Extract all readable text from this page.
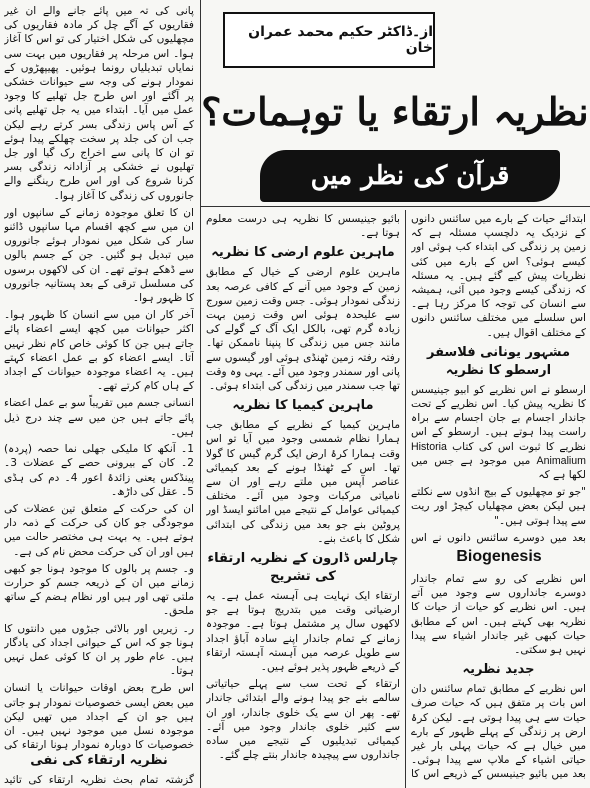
از۔ڈاکٹر حکیم محمد عمران خان
نظریہ ارتقاء یا توہمات؟
قرآن کی نظر میں

پانی کی تہ میں پائے جانے والے ان غیر فقاریوں کے آگے چل کر مادہ فقاریوں کی مچھلیوں کی شکل اختیار کی تو اس کا آغاز ہوا۔ اس مرحلہ پر فقاریوں میں بہت سی نمایاں تبدیلیاں رونما ہوئیں۔ پھیپھڑوں کے نمودار ہونے کی وجہ سے حیوانات خشکی پر آگئے اور اس طرح جل تھلیے کا وجود عمل میں آیا۔ ابتداء میں یہ جل تھلیے پانی کے آس پاس زندگی بسر کرتے رہے لیکن جب ان کی جلد پر سخت چھلکے پیدا ہوئے تو ان کا پانی سے اخراج رک گیا اور جل تھلیوں نے خشکی پر آزادانہ زندگی بسر کرنا شروع کی اور اس طرح رینگنے والے جانوروں کی زندگی کا آغاز ہوا۔

ان کا تعلق موجودہ زمانے کے سانپوں اور ان میں سے کچھ اقسام مہا سانپوں ڈائنو سار کی شکل میں نمودار ہوئے جانوروں میں تبدیل ہو گئیں۔ جن کے جسم بالوں سے ڈھکے ہوتے تھے۔ ان کی لاکھوں برسوں کی مسلسل ترقی کے بعد پستانیہ جانوروں کا ظہور ہوا۔

آخر کار ان میں سے انسان کا ظہور ہوا۔ اکثر حیوانات میں کچھ ایسے اعضاء پائے جاتے ہیں جن کا کوئی خاص کام نظر نہیں آتا۔ ایسے اعضاء کو بے عمل اعضاء کہتے ہیں۔ یہ اعضاء موجودہ حیوانات کے اجداد کے ہاں کام کرتے تھے۔

انسانی جسم میں تقریباً سو بے عمل اعضاء پائے جاتے ہیں جن میں سے چند درج ذیل ہیں۔

1۔ آنکھ کا ملیکی جھلی نما حصہ (پردہ) 2۔ کان کے بیرونی حصے کے عضلات 3۔ پینڈکس یعنی زائدۂ اعور 4۔ دم کی ہڈی 5۔ عقل کی داڑھ۔

ان کی حرکت کے متعلق تین عضلات کی موجودگی جو کان کی حرکت کے ذمہ دار ہوتے ہیں۔ یہ بہت ہی مختصر حالت میں ہیں اور ان کی حرکت محض نام کی ہے۔

و۔ جسم پر بالوں کا موجود ہونا جو کبھی زمانے میں ان کے ذریعہ جسم کو حرارت ملتی تھی اور ہیں اور نظام ہضم کے ساتھ ملحق۔

ر۔ زیریں اور بالائی جبڑوں میں دانتوں کا ہونا جو کہ اس کے حیوانی اجداد کی یادگار ہیں۔ عام طور پر ان کا کوئی عمل نہیں ہوتا۔

اس طرح بعض اوقات حیوانات یا انسان میں بعض ایسی خصوصیات نمودار ہو جاتی ہیں جو ان کے اجداد میں تھیں لیکن موجودہ نسل میں موجود نہیں ہیں۔ ان خصوصیات کا دوبارہ نمودار ہونا ارتقاء کی

نظریہ ارتقاء کی نفی

گزشتہ تمام بحث نظریہ ارتقاء کی تائید

بائیو جینیسس کا نظریہ ہی درست معلوم ہوتا ہے۔

ماہرین علوم ارضی کا نظریہ

ماہرین علوم ارضی کے خیال کے مطابق زمین کے وجود میں آنے کے کافی عرصہ بعد زندگی نمودار ہوئی۔ جس وقت زمین سورج سے علیحدہ ہوئی اس وقت زمین بہت زیادہ گرم تھی، بالکل ایک آگ کے گولے کی مانند جس میں زندگی کا پنپنا ناممکن تھا۔ رفتہ رفتہ زمین ٹھنڈی ہوئی اور گیسوں سے پانی اور سمندر وجود میں آئے۔ یہی وہ وقت تھا جب سمندر میں زندگی کی ابتداء ہوئی۔

ماہرین کیمیا کا نظریہ

ماہرین کیمیا کے نظریے کے مطابق جب ہمارا نظام شمسی وجود میں آیا تو اس وقت ہمارا کرۂ ارض ایک گرم گیس کا گولا تھا۔ اس کے ٹھنڈا ہونے کے بعد کیمیائی عناصر آپس میں ملتے رہے اور ان سے نامیاتی مرکبات وجود میں آئے۔ مختلف کیمیائی عوامل کے نتیجے میں امائنو ایسڈ اور پروٹین بنے جو بعد میں زندگی کی ابتدائی شکل کا باعث بنے۔

چارلس ڈارون کے نظریہ ارتقاء کی تشریح

ارتقاء ایک نہایت ہی آہستہ عمل ہے۔ یہ ارضیاتی وقت میں بتدریج ہوتا ہے جو لاکھوں سال پر مشتمل ہوتا ہے۔ موجودہ زمانے کے تمام جاندار اپنے سادہ آباؤ اجداد سے طویل عرصہ میں آہستہ آہستہ ارتقاء کے ذریعے ظہور پذیر ہوئے ہیں۔

ارتقاء کے تحت سب سے پہلے حیاتیاتی سالمے بنے جو پیدا ہونے والے ابتدائی جاندار تھے۔ پھر ان سے یک خلوی جاندار، اور ان سے کثیر خلوی جاندار وجود میں آئے۔ کیمیائی تبدیلیوں کے نتیجے میں ساده جانداروں سے پیچیدہ جاندار بنتے چلے گئے۔

ابتدائے حیات کے بارے میں سائنس دانوں کے نزدیک یہ دلچسپ مسئلہ ہے کہ زمین پر زندگی کی ابتداء کب ہوئی اور کیسے ہوئی؟ اس کے بارے میں کئی نظریات پیش کیے گئے ہیں۔ یہ مسئلہ کہ زندگی کیسے وجود میں آئی، ہمیشہ سے انسان کی توجہ کا مرکز رہا ہے۔ اس سلسلے میں مختلف سائنس دانوں کے مختلف اقوال ہیں۔

مشہور یونانی فلاسفر ارسطو کا نظریہ

ارسطو نے اس نظریے کو ابیو جینیسس کا نظریہ پیش کیا۔ اس نظریے کے تحت جاندار اجسام بے جان اجسام سے براہ راست پیدا ہوتے ہیں۔ ارسطو کے اس نظریے کا ثبوت اس کی کتاب Historia Animalium میں موجود ہے جس میں لکھا ہے کہ

"جو تو مچھلیوں کے بیج انڈوں سے نکلتے ہیں لیکن بعض مچھلیاں کیچڑ اور ریت سے پیدا ہوتی ہیں۔"

بعد میں دوسرے سائنس دانوں نے اس

Biogenesis

اس نظریے کی رو سے تمام جاندار دوسرے جانداروں سے وجود میں آتے ہیں۔ اس نظریے کو حیات از حیات کا نظریہ بھی کہتے ہیں۔ اس کے مطابق حیات کبھی غیر جاندار اشیاء سے پیدا نہیں ہو سکتی۔

جدید نظریہ

اس نظریے کے مطابق تمام سائنس دان اس بات پر متفق ہیں کہ حیات صرف حیات سے ہی پیدا ہوتی ہے۔ لیکن کرۂ ارض پر زندگی کے پہلے ظہور کے بارے میں خیال ہے کہ حیات پہلی بار غیر حیاتی اشیاء کے ملاپ سے پیدا ہوئی۔ بعد میں بائیو جینیسس کے ذریعے اس کا
